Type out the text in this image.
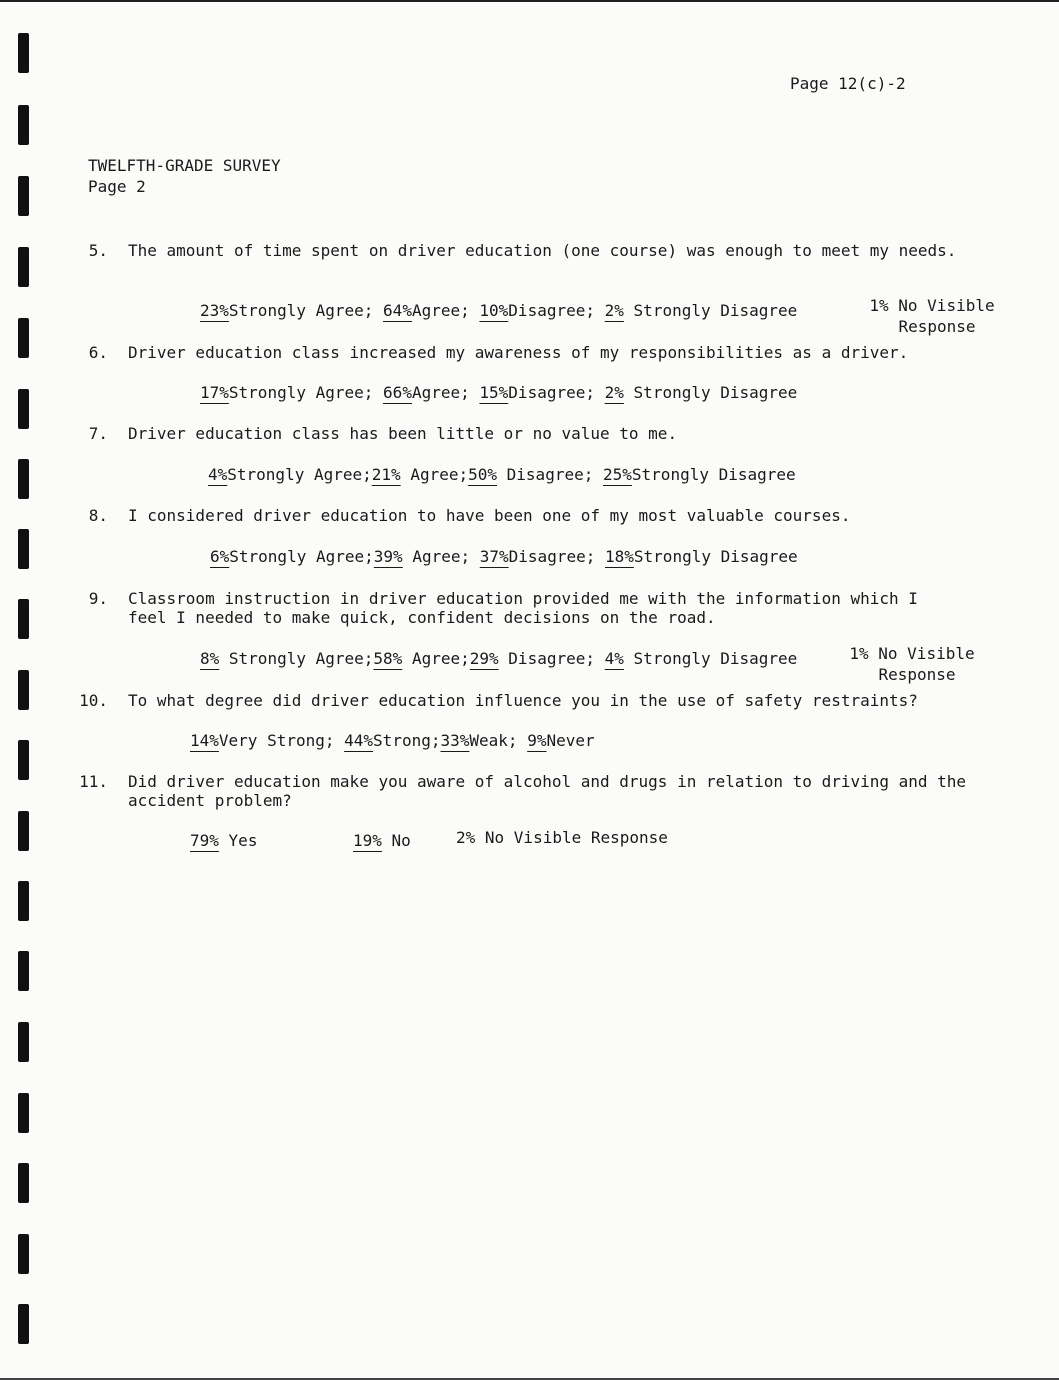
Page 12(c)-2
TWELFTH-GRADE SURVEY
Page 2
5. The amount of time spent on driver education (one course) was enough to meet my needs.
23%Strongly Agree; 64%Agree; 10%Disagree; 2% Strongly Disagree	1% No Visible
Response
6. Driver education class increased my awareness of my responsibilities as a driver.
17%Strongly Agree; 66%Agree; 15%Disagree; 2% Strongly Disagree
7. Driver education class has been little or no value to me.
4%Strongly Agree;21% Agree;50% Disagree; 25%Strongly Disagree
8. I considered driver education to have been one of my most valuable courses.
6%Strongly Agree;39% Agree; 37%Disagree; 18%Strongly Disagree
9. Classroom instruction in driver education provided me with the information which I feel I needed to make quick, confident decisions on the road.
8% Strongly Agree;58% Agree;29% Disagree; 4% Strongly Disagree	1% No Visible
Response
10. To what degree did driver education influence you in the use of safety restraints?
14%Very Strong; 44%Strong;33%Weak; 9%Never
11. Did driver education make you aware of alcohol and drugs in relation to driving and the accident problem?
79% Yes	19% No	2% No Visible Response
